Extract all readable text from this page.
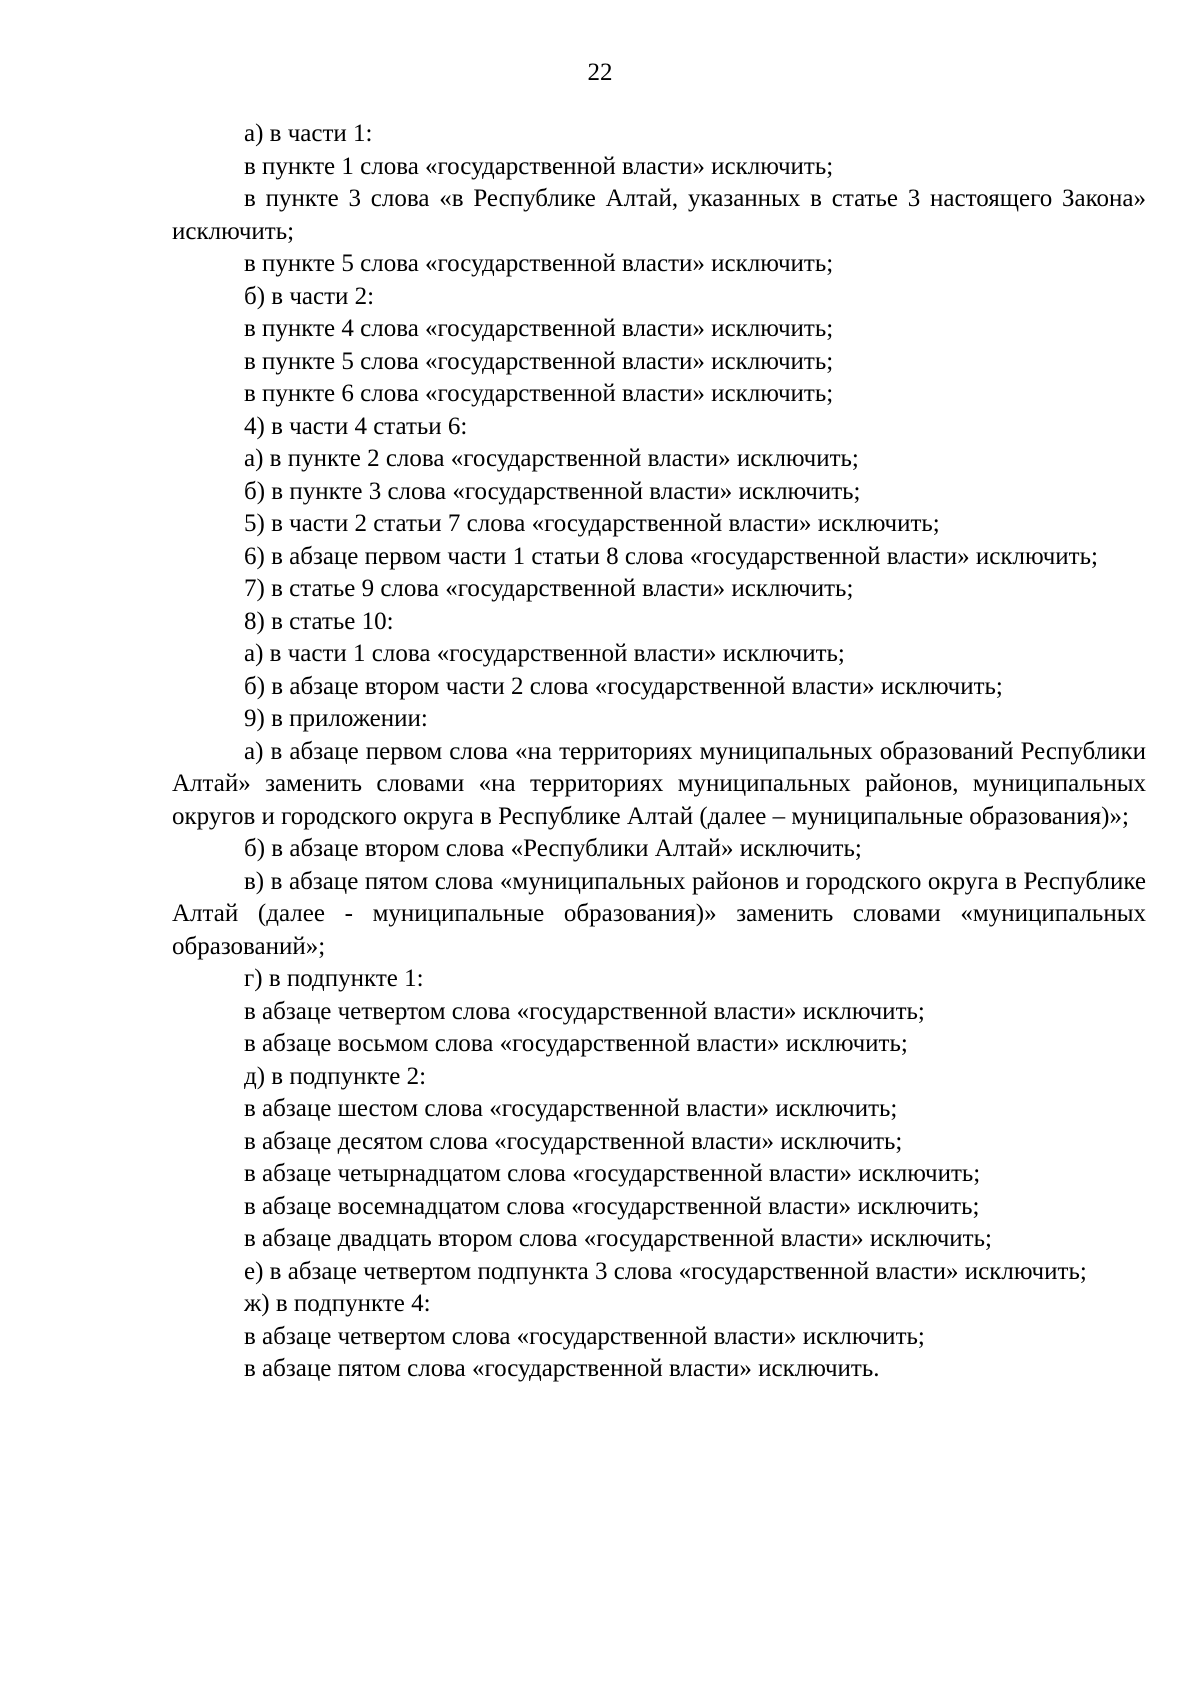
22

а) в части 1:

в пункте 1 слова «государственной власти» исключить;

в пункте 3 слова «в Республике Алтай, указанных в статье 3 настоящего Закона» исключить;

в пункте 5 слова «государственной власти» исключить;

б) в части 2:

в пункте 4 слова «государственной власти» исключить;

в пункте 5 слова «государственной власти» исключить;

в пункте 6 слова «государственной власти» исключить;

4) в части 4 статьи 6:

а) в пункте 2 слова «государственной власти» исключить;

б) в пункте 3 слова «государственной власти» исключить;

5) в части 2 статьи 7 слова «государственной власти» исключить;

6) в абзаце первом части 1 статьи 8 слова «государственной власти» исключить;

7) в статье 9 слова «государственной власти» исключить;

8) в статье 10:

а) в части 1 слова «государственной власти» исключить;

б) в абзаце втором части 2 слова «государственной власти» исключить;

9) в приложении:

а) в абзаце первом слова «на территориях муниципальных образований Республики Алтай» заменить словами «на территориях муниципальных районов, муниципальных округов и городского округа в Республике Алтай (далее – муниципальные образования)»;

б) в абзаце втором слова «Республики Алтай» исключить;

в) в абзаце пятом слова «муниципальных районов и городского округа в Республике Алтай (далее - муниципальные образования)» заменить словами «муниципальных образований»;

г) в подпункте 1:

в абзаце четвертом слова «государственной власти» исключить;

в абзаце восьмом слова «государственной власти» исключить;

д) в подпункте 2:

в абзаце шестом слова «государственной власти» исключить;

в абзаце десятом слова «государственной власти» исключить;

в абзаце четырнадцатом слова «государственной власти» исключить;

в абзаце восемнадцатом слова «государственной власти» исключить;

в абзаце двадцать втором слова «государственной власти» исключить;

е) в абзаце четвертом подпункта 3 слова «государственной власти» исключить;

ж) в подпункте 4:

в абзаце четвертом слова «государственной власти» исключить;

в абзаце пятом слова «государственной власти» исключить.
